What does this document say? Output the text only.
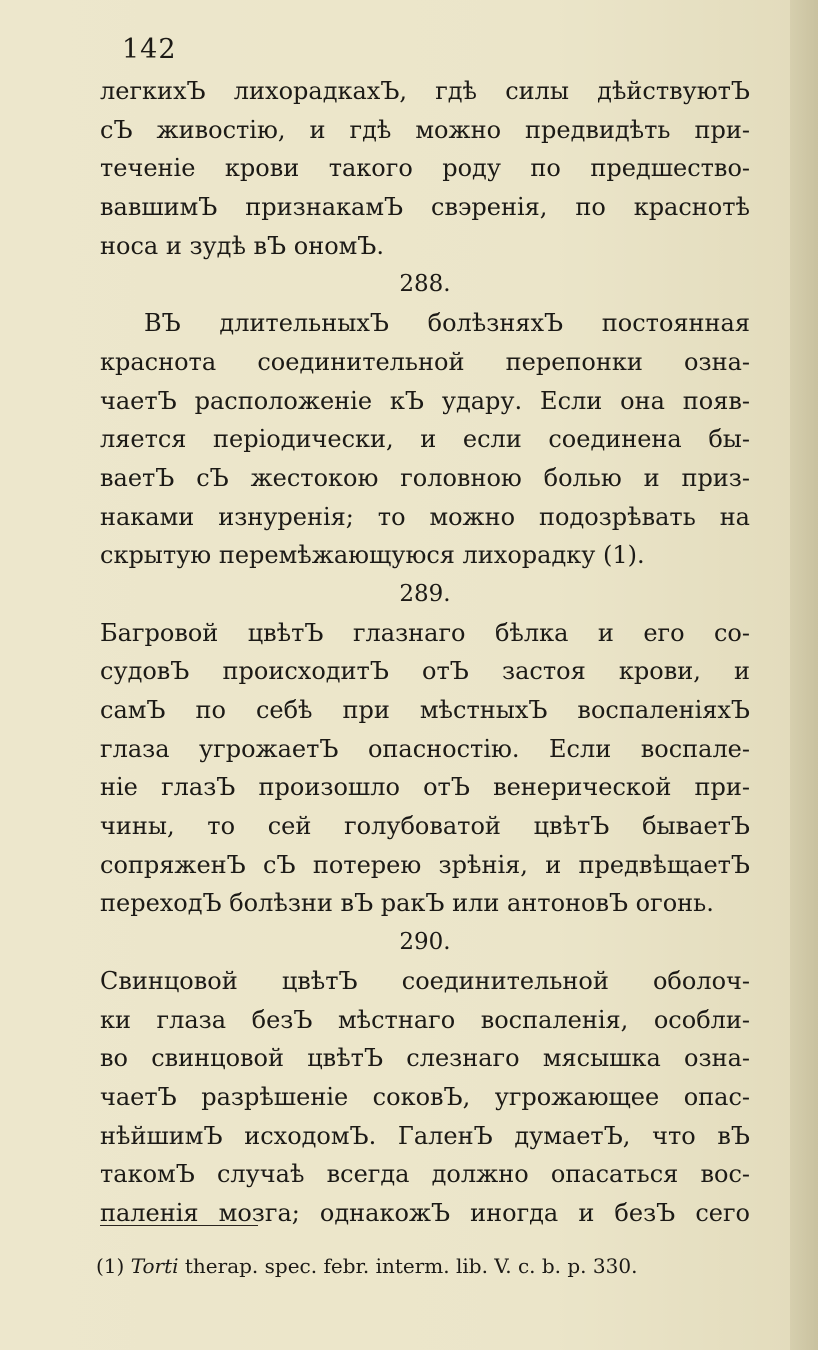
142
легкихЪ лихорадкахЪ, гдѣ силы дѣйствуютЪ
сЪ живостію, и гдѣ можно предвидѣть при-
теченіе крови такого роду по предшество-
вавшимЪ признакамЪ свэренія, по краснотѣ
носа и зудѣ вЪ ономЪ.
288.
ВЪ длительныхЪ болѣзняхЪ постоянная
краснота соединительной перепонки озна-
чаетЪ расположеніе кЪ удару. Если она появ-
ляется періодически, и если соединена бы-
ваетЪ сЪ жестокою головною болью и приз-
наками изнуренія; то можно подозрѣвать на
скрытую перемѣжающуюся лихорадку (1).
289.
Багровой цвѣтЪ глазнаго бѣлка и его со-
судовЪ происходитЪ отЪ застоя крови, и
самЪ по себѣ при мѣстныхЪ воспаленіяхЪ
глаза угрожаетЪ опасностію. Если воспале-
ніе глазЪ произошло отЪ венерической при-
чины, то сей голубоватой цвѣтЪ бываетЪ
сопряженЪ сЪ потерею зрѣнія, и предвѣщаетЪ
переходЪ болѣзни вЪ ракЪ или антоновЪ огонь.
290.
Свинцовой цвѣтЪ соединительной оболоч-
ки глаза безЪ мѣстнаго воспаленія, особли-
во свинцовой цвѣтЪ слезнаго мясышка озна-
чаетЪ разрѣшеніе соковЪ, угрожающее опас-
нѣйшимЪ исходомЪ. ГаленЪ думаетЪ, что вЪ
такомЪ случаѣ всегда должно опасаться вос-
паленія мозга; однакожЪ иногда и безЪ сего
(1) Torti therap. spec. febr. interm. lib. V. c. b. p. 330.
